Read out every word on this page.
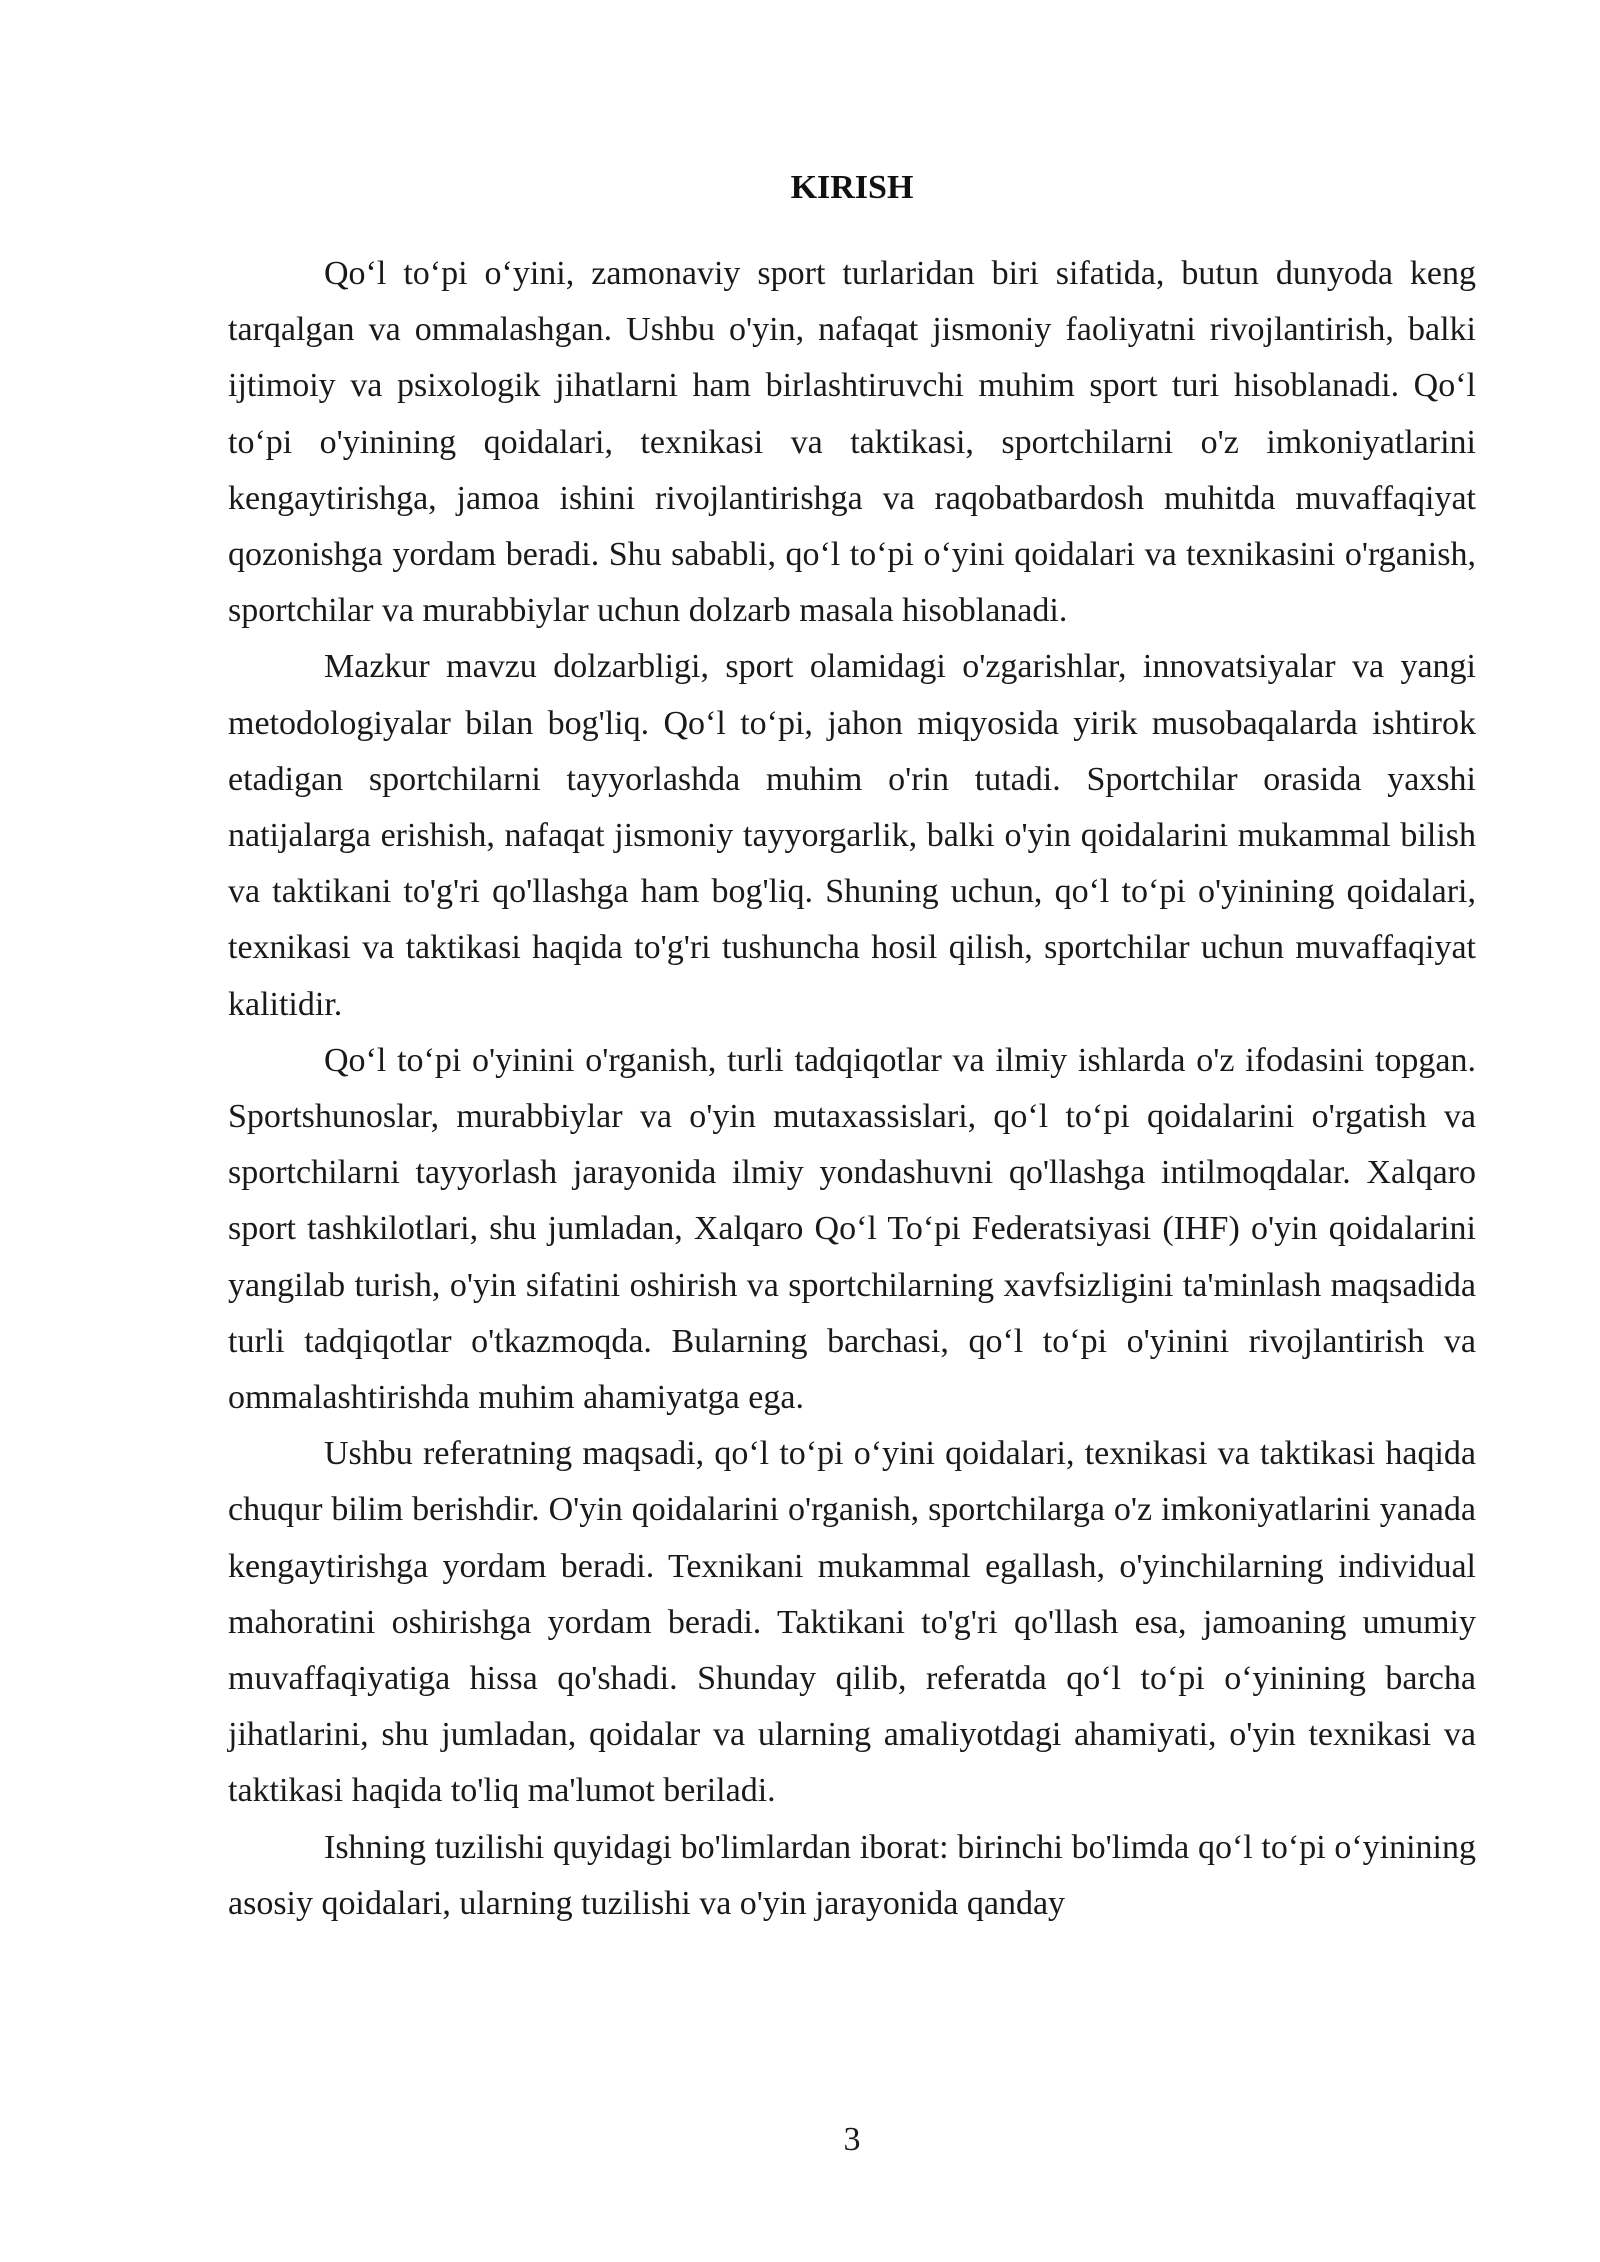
KIRISH

Qo‘l to‘pi o‘yini, zamonaviy sport turlaridan biri sifatida, butun dunyoda keng tarqalgan va ommalashgan. Ushbu o'yin, nafaqat jismoniy faoliyatni rivojlantirish, balki ijtimoiy va psixologik jihatlarni ham birlashtiruvchi muhim sport turi hisoblanadi. Qo‘l to‘pi o'yinining qoidalari, texnikasi va taktikasi, sportchilarni o'z imkoniyatlarini kengaytirishga, jamoa ishini rivojlantirishga va raqobatbardosh muhitda muvaffaqiyat qozonishga yordam beradi. Shu sababli, qo‘l to‘pi o‘yini qoidalari va texnikasini o'rganish, sportchilar va murabbiylar uchun dolzarb masala hisoblanadi.

Mazkur mavzu dolzarbligi, sport olamidagi o'zgarishlar, innovatsiyalar va yangi metodologiyalar bilan bog'liq. Qo‘l to‘pi, jahon miqyosida yirik musobaqalarda ishtirok etadigan sportchilarni tayyorlashda muhim o'rin tutadi. Sportchilar orasida yaxshi natijalarga erishish, nafaqat jismoniy tayyorgarlik, balki o'yin qoidalarini mukammal bilish va taktikani to'g'ri qo'llashga ham bog'liq. Shuning uchun, qo‘l to‘pi o'yinining qoidalari, texnikasi va taktikasi haqida to'g'ri tushuncha hosil qilish, sportchilar uchun muvaffaqiyat kalitidir.

Qo‘l to‘pi o'yinini o'rganish, turli tadqiqotlar va ilmiy ishlarda o'z ifodasini topgan. Sportshunoslar, murabbiylar va o'yin mutaxassislari, qo‘l to‘pi qoidalarini o'rgatish va sportchilarni tayyorlash jarayonida ilmiy yondashuvni qo'llashga intilmoqdalar. Xalqaro sport tashkilotlari, shu jumladan, Xalqaro Qo‘l To‘pi Federatsiyasi (IHF) o'yin qoidalarini yangilab turish, o'yin sifatini oshirish va sportchilarning xavfsizligini ta'minlash maqsadida turli tadqiqotlar o'tkazmoqda. Bularning barchasi, qo‘l to‘pi o'yinini rivojlantirish va ommalashtirishda muhim ahamiyatga ega.

Ushbu referatning maqsadi, qo‘l to‘pi o‘yini qoidalari, texnikasi va taktikasi haqida chuqur bilim berishdir. O'yin qoidalarini o'rganish, sportchilarga o'z imkoniyatlarini yanada kengaytirishga yordam beradi. Texnikani mukammal egallash, o'yinchilarning individual mahoratini oshirishga yordam beradi. Taktikani to'g'ri qo'llash esa, jamoaning umumiy muvaffaqiyatiga hissa qo'shadi. Shunday qilib, referatda qo‘l to‘pi o‘yinining barcha jihatlarini, shu jumladan, qoidalar va ularning amaliyotdagi ahamiyati, o'yin texnikasi va taktikasi haqida to'liq ma'lumot beriladi.

Ishning tuzilishi quyidagi bo'limlardan iborat: birinchi bo'limda qo‘l to‘pi o‘yinining asosiy qoidalari, ularning tuzilishi va o'yin jarayonida qanday

3
